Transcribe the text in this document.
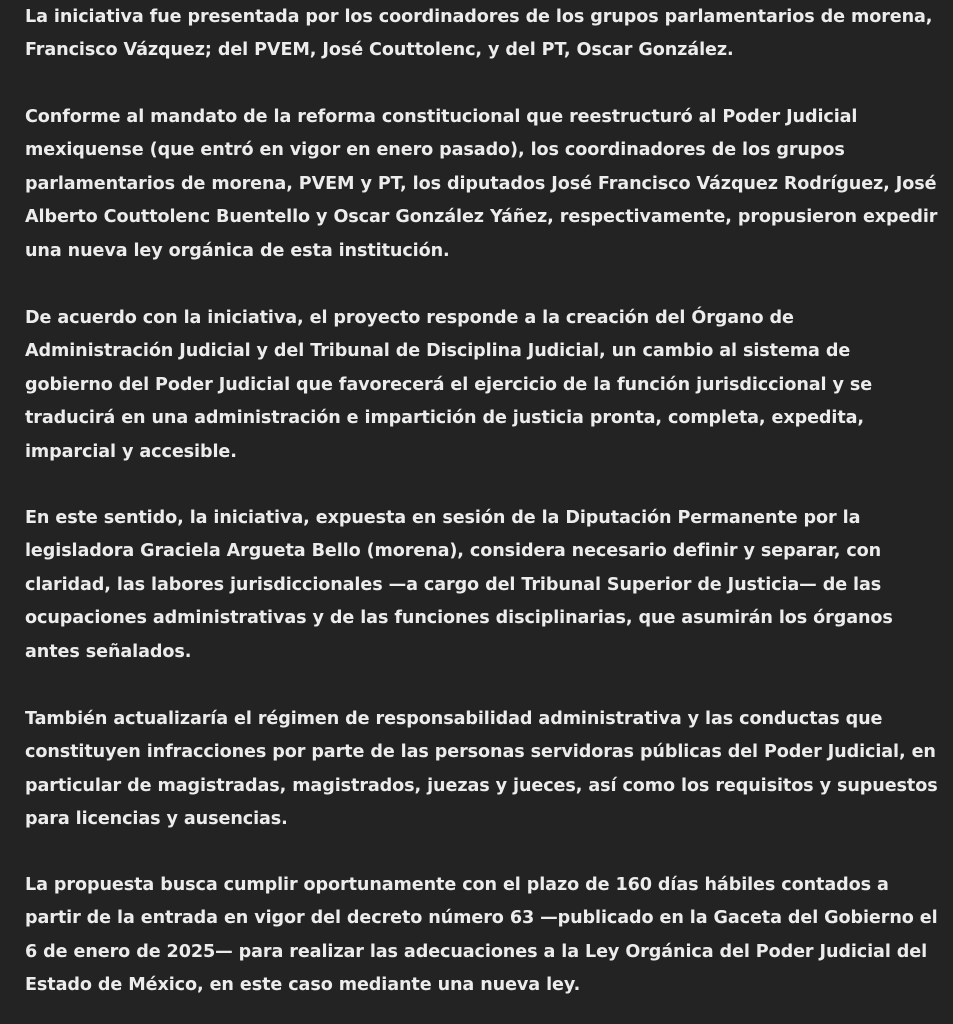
La iniciativa fue presentada por los coordinadores de los grupos parlamentarios de morena,
Francisco Vázquez; del PVEM, José Couttolenc, y del PT, Oscar González.

Conforme al mandato de la reforma constitucional que reestructuró al Poder Judicial
mexiquense (que entró en vigor en enero pasado), los coordinadores de los grupos
parlamentarios de morena, PVEM y PT, los diputados José Francisco Vázquez Rodríguez, José
Alberto Couttolenc Buentello y Oscar González Yáñez, respectivamente, propusieron expedir
una nueva ley orgánica de esta institución.

De acuerdo con la iniciativa, el proyecto responde a la creación del Órgano de
Administración Judicial y del Tribunal de Disciplina Judicial, un cambio al sistema de
gobierno del Poder Judicial que favorecerá el ejercicio de la función jurisdiccional y se
traducirá en una administración e impartición de justicia pronta, completa, expedita,
imparcial y accesible.

En este sentido, la iniciativa, expuesta en sesión de la Diputación Permanente por la
legisladora Graciela Argueta Bello (morena), considera necesario definir y separar, con
claridad, las labores jurisdiccionales —a cargo del Tribunal Superior de Justicia— de las
ocupaciones administrativas y de las funciones disciplinarias, que asumirán los órganos
antes señalados.

También actualizaría el régimen de responsabilidad administrativa y las conductas que
constituyen infracciones por parte de las personas servidoras públicas del Poder Judicial, en
particular de magistradas, magistrados, juezas y jueces, así como los requisitos y supuestos
para licencias y ausencias.

La propuesta busca cumplir oportunamente con el plazo de 160 días hábiles contados a
partir de la entrada en vigor del decreto número 63 —publicado en la Gaceta del Gobierno el
6 de enero de 2025— para realizar las adecuaciones a la Ley Orgánica del Poder Judicial del
Estado de México, en este caso mediante una nueva ley.
